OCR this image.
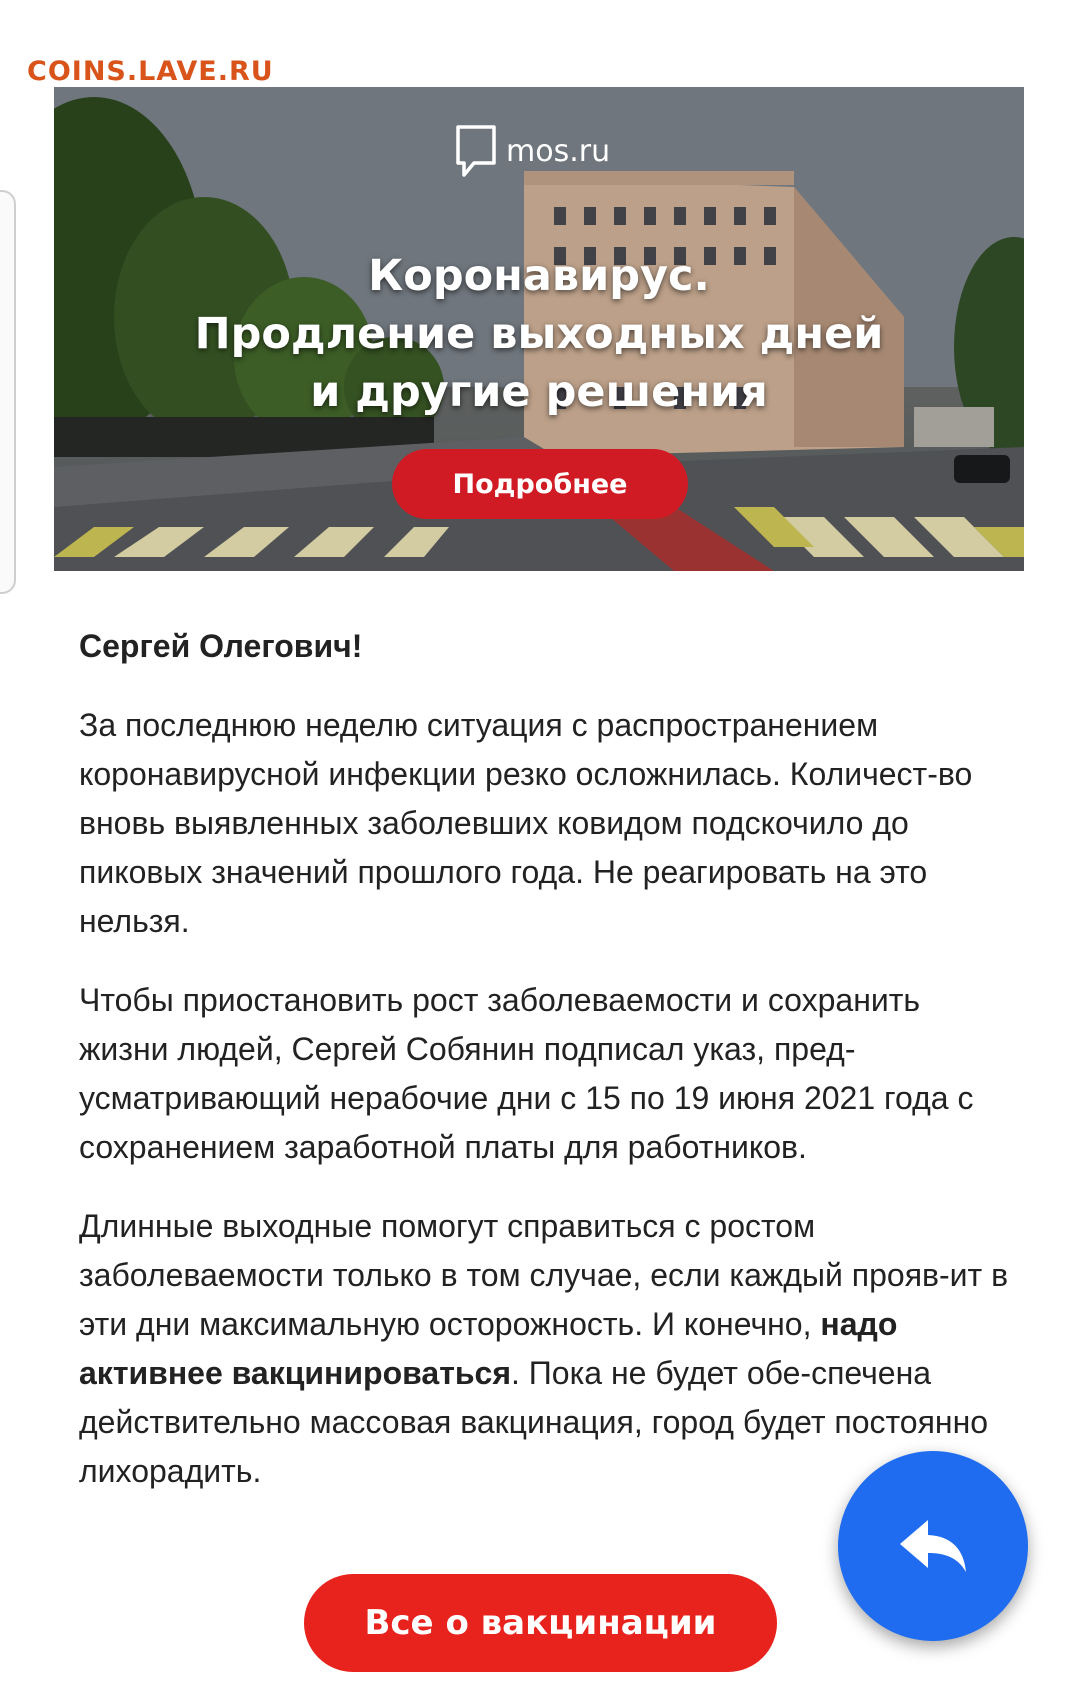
COINS.LAVE.RU
mos.ru
Коронавирус.
Продление выходных дней
и другие решения
Подробнее

Сергей Олегович!

За последнюю неделю ситуация с распространением коронавирусной инфекции резко осложнилась. Количест-во вновь выявленных заболевших ковидом подскочило до пиковых значений прошлого года. Не реагировать на это нельзя.

Чтобы приостановить рост заболеваемости и сохранить жизни людей, Сергей Собянин подписал указ, пред-усматривающий нерабочие дни с 15 по 19 июня 2021 года с сохранением заработной платы для работников.

Длинные выходные помогут справиться с ростом заболеваемости только в том случае, если каждый прояв-ит в эти дни максимальную осторожность. И конечно, надо активнее вакцинироваться. Пока не будет обе-спечена действительно массовая вакцинация, город будет постоянно лихорадить.

Все о вакцинации
